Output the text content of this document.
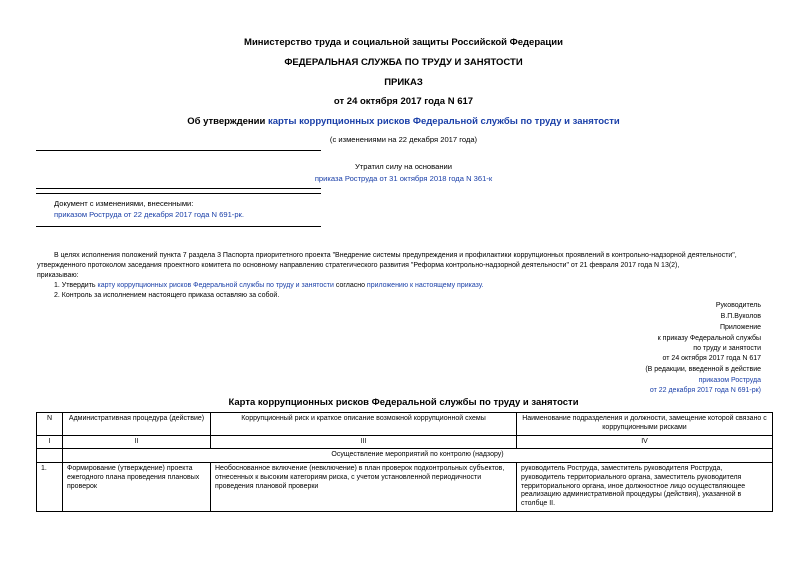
Министерство труда и социальной защиты Российской Федерации
ФЕДЕРАЛЬНАЯ СЛУЖБА ПО ТРУДУ И ЗАНЯТОСТИ
ПРИКАЗ
от 24 октября 2017 года N 617
Об утверждении карты коррупционных рисков Федеральной службы по труду и занятости
(с изменениями на 22 декабря 2017 года)
Утратил силу на основании
приказа Роструда от 31 октября 2018 года N 361-к
Документ с изменениями, внесенными:
приказом Роструда от 22 декабря 2017 года N 691-рк.
В целях исполнения положений пункта 7 раздела 3 Паспорта приоритетного проекта "Внедрение системы предупреждения и профилактики коррупционных проявлений в контрольно-надзорной деятельности",
утвержденного протоколом заседания проектного комитета по основному направлению стратегического развития "Реформа контрольно-надзорной деятельности" от 21 февраля 2017 года N 13(2),
приказываю:
1. Утвердить карту коррупционных рисков Федеральной службы по труду и занятости согласно приложению к настоящему приказу.
2. Контроль за исполнением настоящего приказа оставляю за собой.
Руководитель
В.П.Вуколов
Приложение
к приказу Федеральной службы
по труду и занятости
от 24 октября 2017 года N 617
(В редакции, введенной в действие
приказом Роструда
от 22 декабря 2017 года N 691-рк)
Карта коррупционных рисков Федеральной службы по труду и занятости
N	Административная процедура (действие)	Коррупционный риск и краткое описание возможной коррупционной схемы	Наименование подразделения и должности, замещение которой связано с коррупционными рисками
I	II	III	IV
	Осуществление мероприятий по контролю (надзору)		
1.	Формирование (утверждение) проекта ежегодного плана проведения плановых проверок	Необоснованное включение (невключение) в план проверок подконтрольных субъектов, отнесенных к высоким категориям риска, с учетом установленной периодичности проведения плановой проверки	руководитель Роструда, заместитель руководителя Роструда, руководитель территориального органа, заместитель руководителя территориального органа, иное должностное лицо осуществляющее реализацию административной процедуры (действия), указанной в столбце II.
